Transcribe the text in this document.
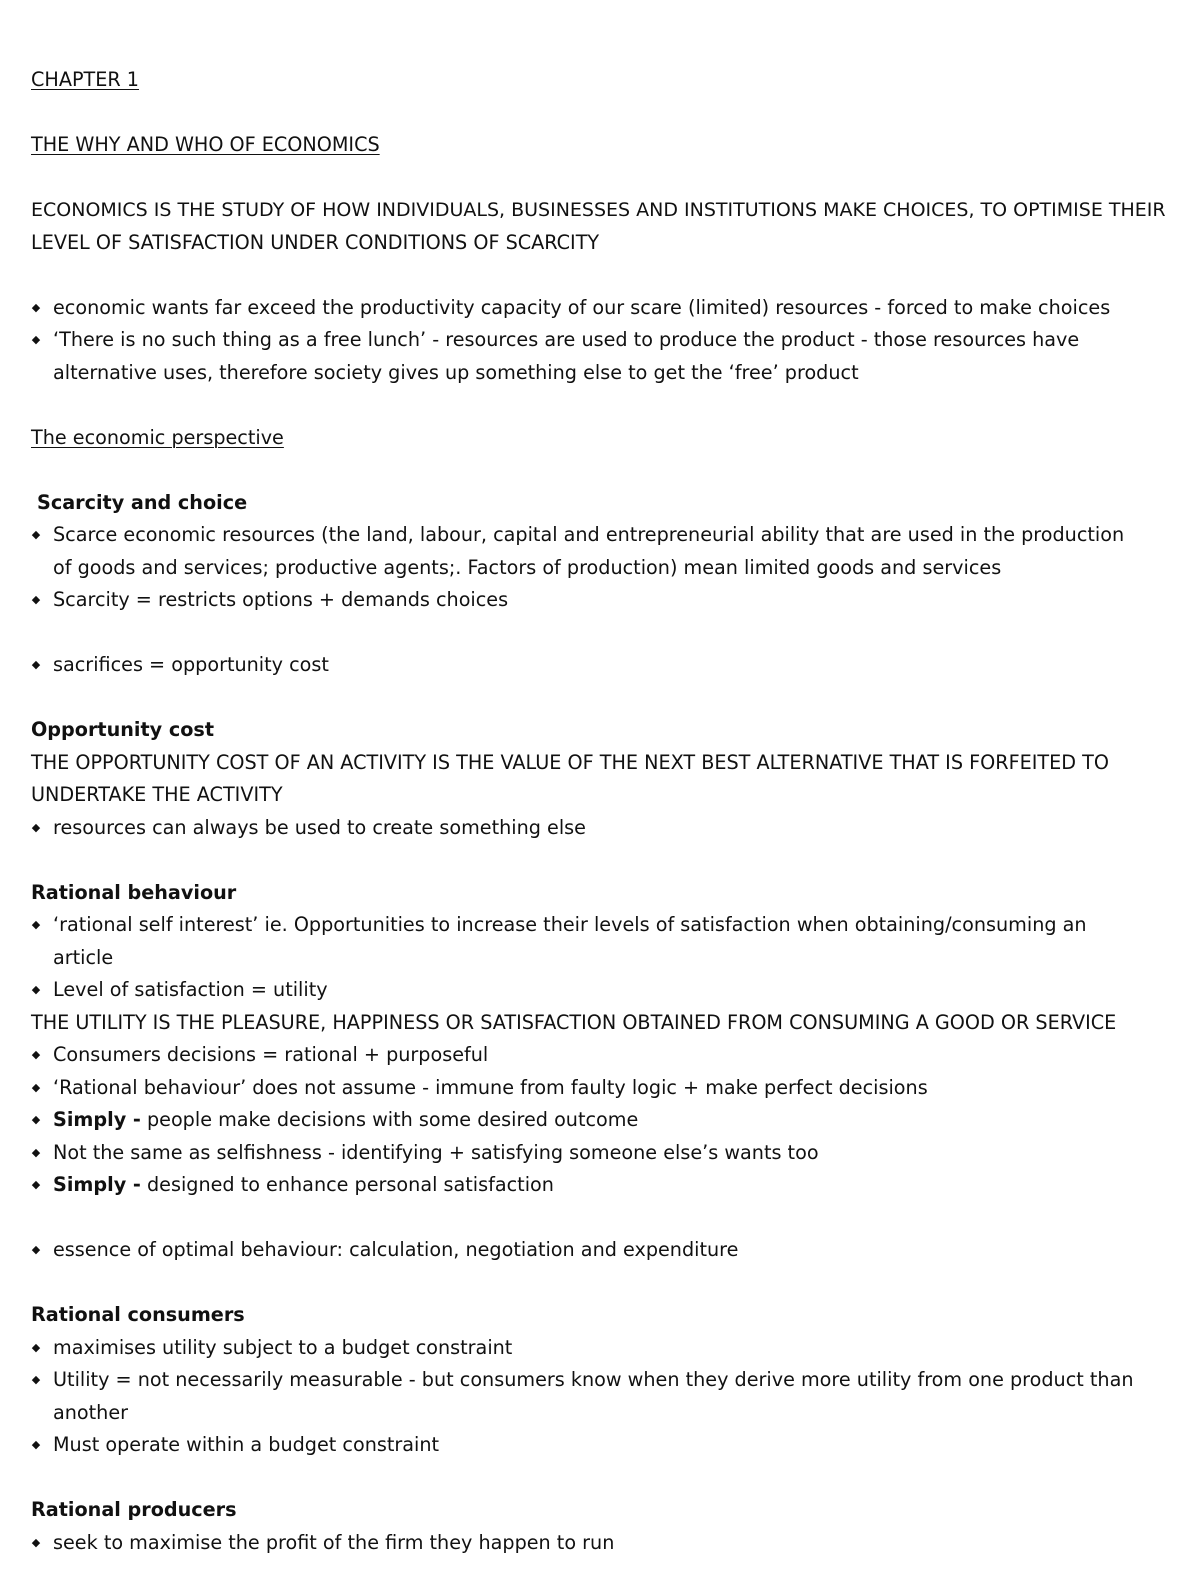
CHAPTER 1
THE WHY AND WHO OF ECONOMICS
ECONOMICS IS THE STUDY OF HOW INDIVIDUALS, BUSINESSES AND INSTITUTIONS MAKE CHOICES, TO OPTIMISE THEIR
LEVEL OF SATISFACTION UNDER CONDITIONS OF SCARCITY
◆ economic wants far exceed the productivity capacity of our scare (limited) resources - forced to make choices
◆ ‘There is no such thing as a free lunch’ - resources are used to produce the product - those resources have
alternative uses, therefore society gives up something else to get the ‘free’ product
The economic perspective
Scarcity and choice
◆ Scarce economic resources (the land, labour, capital and entrepreneurial ability that are used in the production
of goods and services; productive agents;. Factors of production) mean limited goods and services
◆ Scarcity = restricts options + demands choices
◆ sacrifices = opportunity cost
Opportunity cost
THE OPPORTUNITY COST OF AN ACTIVITY IS THE VALUE OF THE NEXT BEST ALTERNATIVE THAT IS FORFEITED TO
UNDERTAKE THE ACTIVITY
◆ resources can always be used to create something else
Rational behaviour
◆ ‘rational self interest’ ie. Opportunities to increase their levels of satisfaction when obtaining/consuming an
article
◆ Level of satisfaction = utility
THE UTILITY IS THE PLEASURE, HAPPINESS OR SATISFACTION OBTAINED FROM CONSUMING A GOOD OR SERVICE
◆ Consumers decisions = rational + purposeful
◆ ‘Rational behaviour’ does not assume - immune from faulty logic + make perfect decisions
◆ Simply - people make decisions with some desired outcome
◆ Not the same as selfishness - identifying + satisfying someone else’s wants too
◆ Simply - designed to enhance personal satisfaction
◆ essence of optimal behaviour: calculation, negotiation and expenditure
Rational consumers
◆ maximises utility subject to a budget constraint
◆ Utility = not necessarily measurable - but consumers know when they derive more utility from one product than
another
◆ Must operate within a budget constraint
Rational producers
◆ seek to maximise the profit of the firm they happen to run
